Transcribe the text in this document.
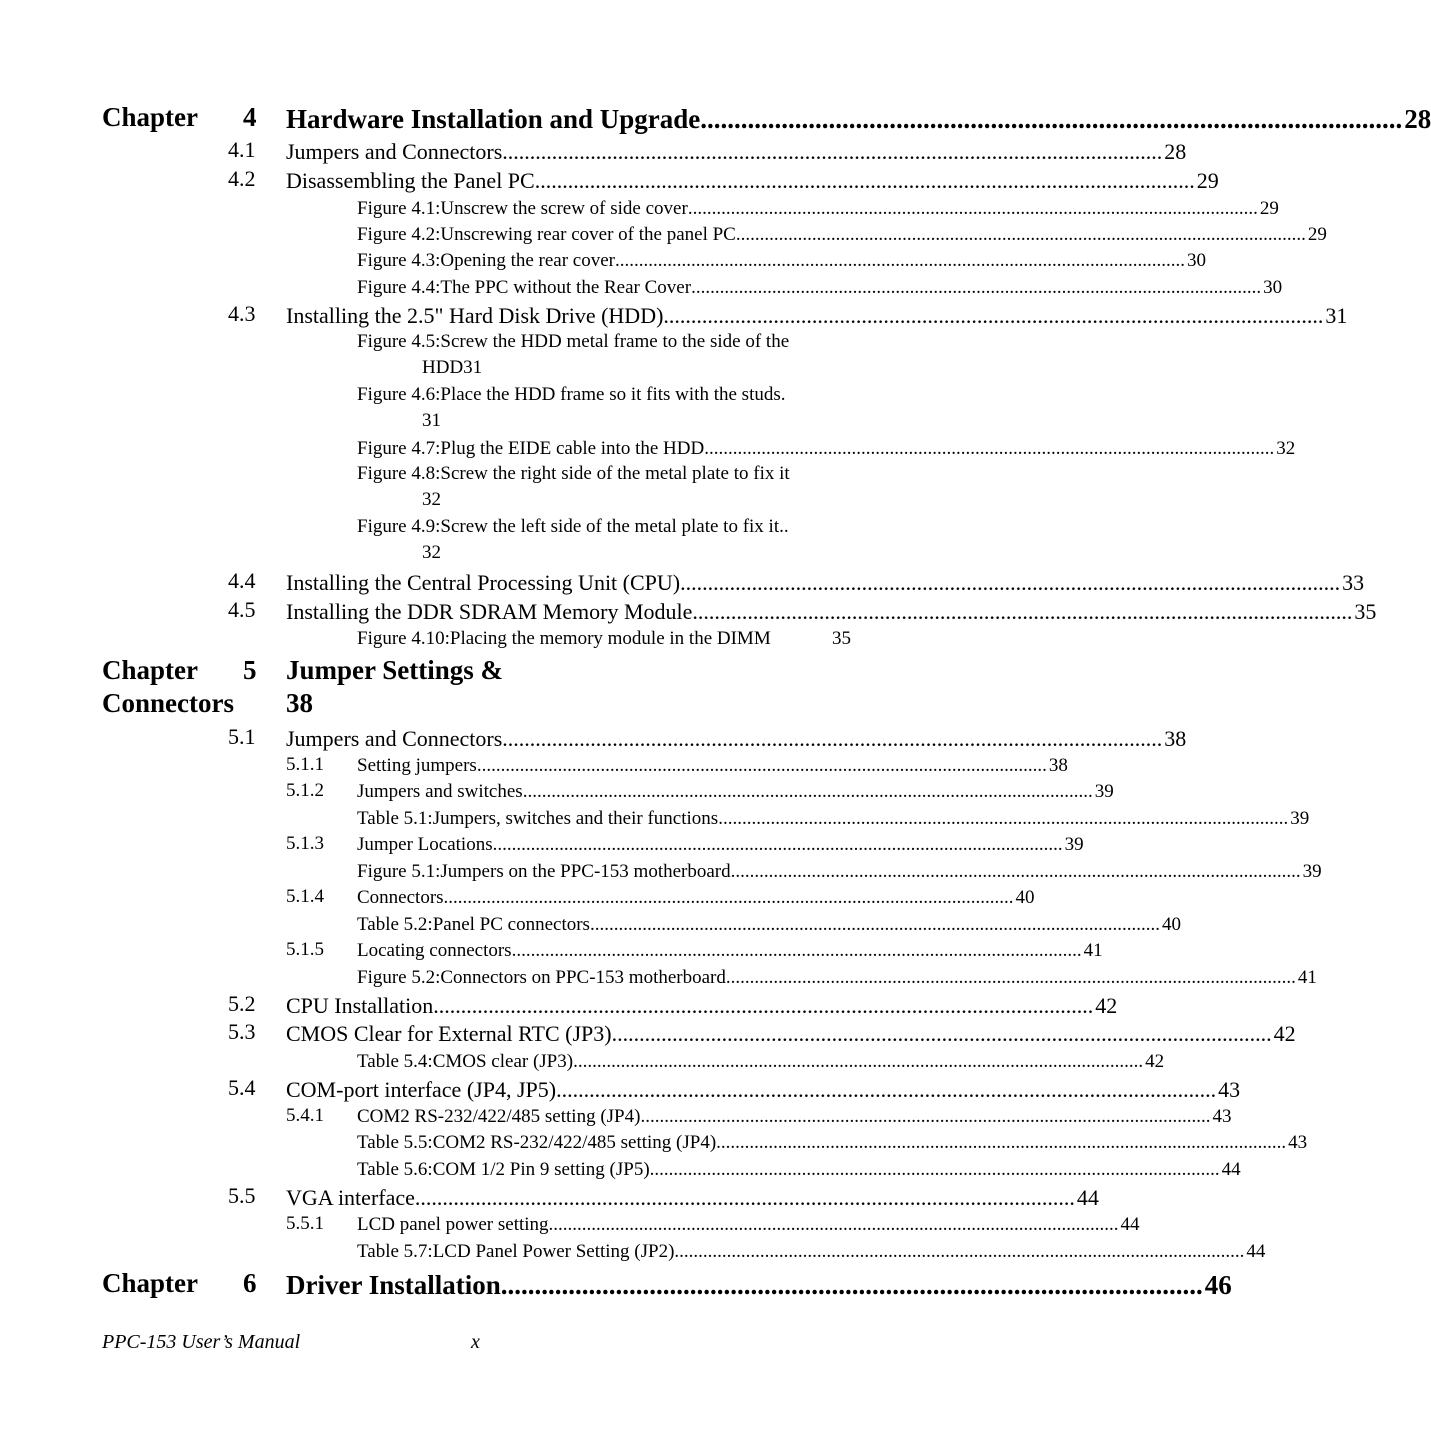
Chapter 4 Hardware Installation and Upgrade ........................................................................................................ 28
4.1 Jumpers and Connectors ........................................................................................................................ 28
4.2 Disassembling the Panel PC ........................................................................................................................ 29
Figure 4.1:Unscrew the screw of side cover ........................................................................................................................ 29
Figure 4.2:Unscrewing rear cover of the panel PC ........................................................................................................................ 29
Figure 4.3:Opening the rear cover ........................................................................................................................ 30
Figure 4.4:The PPC without the Rear Cover ........................................................................................................................ 30
4.3 Installing the 2.5" Hard Disk Drive (HDD) ........................................................................................................................ 31
Figure 4.5:Screw the HDD metal frame to the side of the
HDD31
Figure 4.6:Place the HDD frame so it fits with the studs.
31
Figure 4.7:Plug the EIDE cable into the HDD ........................................................................................................................ 32
Figure 4.8:Screw the right side of the metal plate to fix it
32
Figure 4.9:Screw the left side of the metal plate to fix it..
32
4.4 Installing the Central Processing Unit (CPU) ........................................................................................................................ 33
4.5 Installing the DDR SDRAM Memory Module ........................................................................................................................ 35
Figure 4.10:Placing the memory module in the DIMM	35
Chapter 5 Jumper Settings &
Connectors 38
5.1 Jumpers and Connectors ........................................................................................................................ 38
5.1.1 Setting jumpers ........................................................................................................................ 38
5.1.2 Jumpers and switches ........................................................................................................................ 39
Table 5.1:Jumpers, switches and their functions ........................................................................................................................ 39
5.1.3 Jumper Locations ........................................................................................................................ 39
Figure 5.1:Jumpers on the PPC-153 motherboard ........................................................................................................................ 39
5.1.4 Connectors ........................................................................................................................ 40
Table 5.2:Panel PC connectors ........................................................................................................................ 40
5.1.5 Locating connectors ........................................................................................................................ 41
Figure 5.2:Connectors on PPC-153 motherboard ........................................................................................................................ 41
5.2 CPU Installation ........................................................................................................................ 42
5.3 CMOS Clear for External RTC (JP3) ........................................................................................................................ 42
Table 5.4:CMOS clear (JP3) ........................................................................................................................ 42
5.4 COM-port interface (JP4, JP5) ........................................................................................................................ 43
5.4.1 COM2 RS-232/422/485 setting (JP4) ........................................................................................................................ 43
Table 5.5:COM2 RS-232/422/485 setting (JP4) ........................................................................................................................ 43
Table 5.6:COM 1/2 Pin 9 setting (JP5) ........................................................................................................................ 44
5.5 VGA interface ........................................................................................................................ 44
5.5.1 LCD panel power setting ........................................................................................................................ 44
Table 5.7:LCD Panel Power Setting (JP2) ........................................................................................................................ 44
Chapter 6 Driver Installation ........................................................................................................ 46
PPC-153 User’s Manual	x
